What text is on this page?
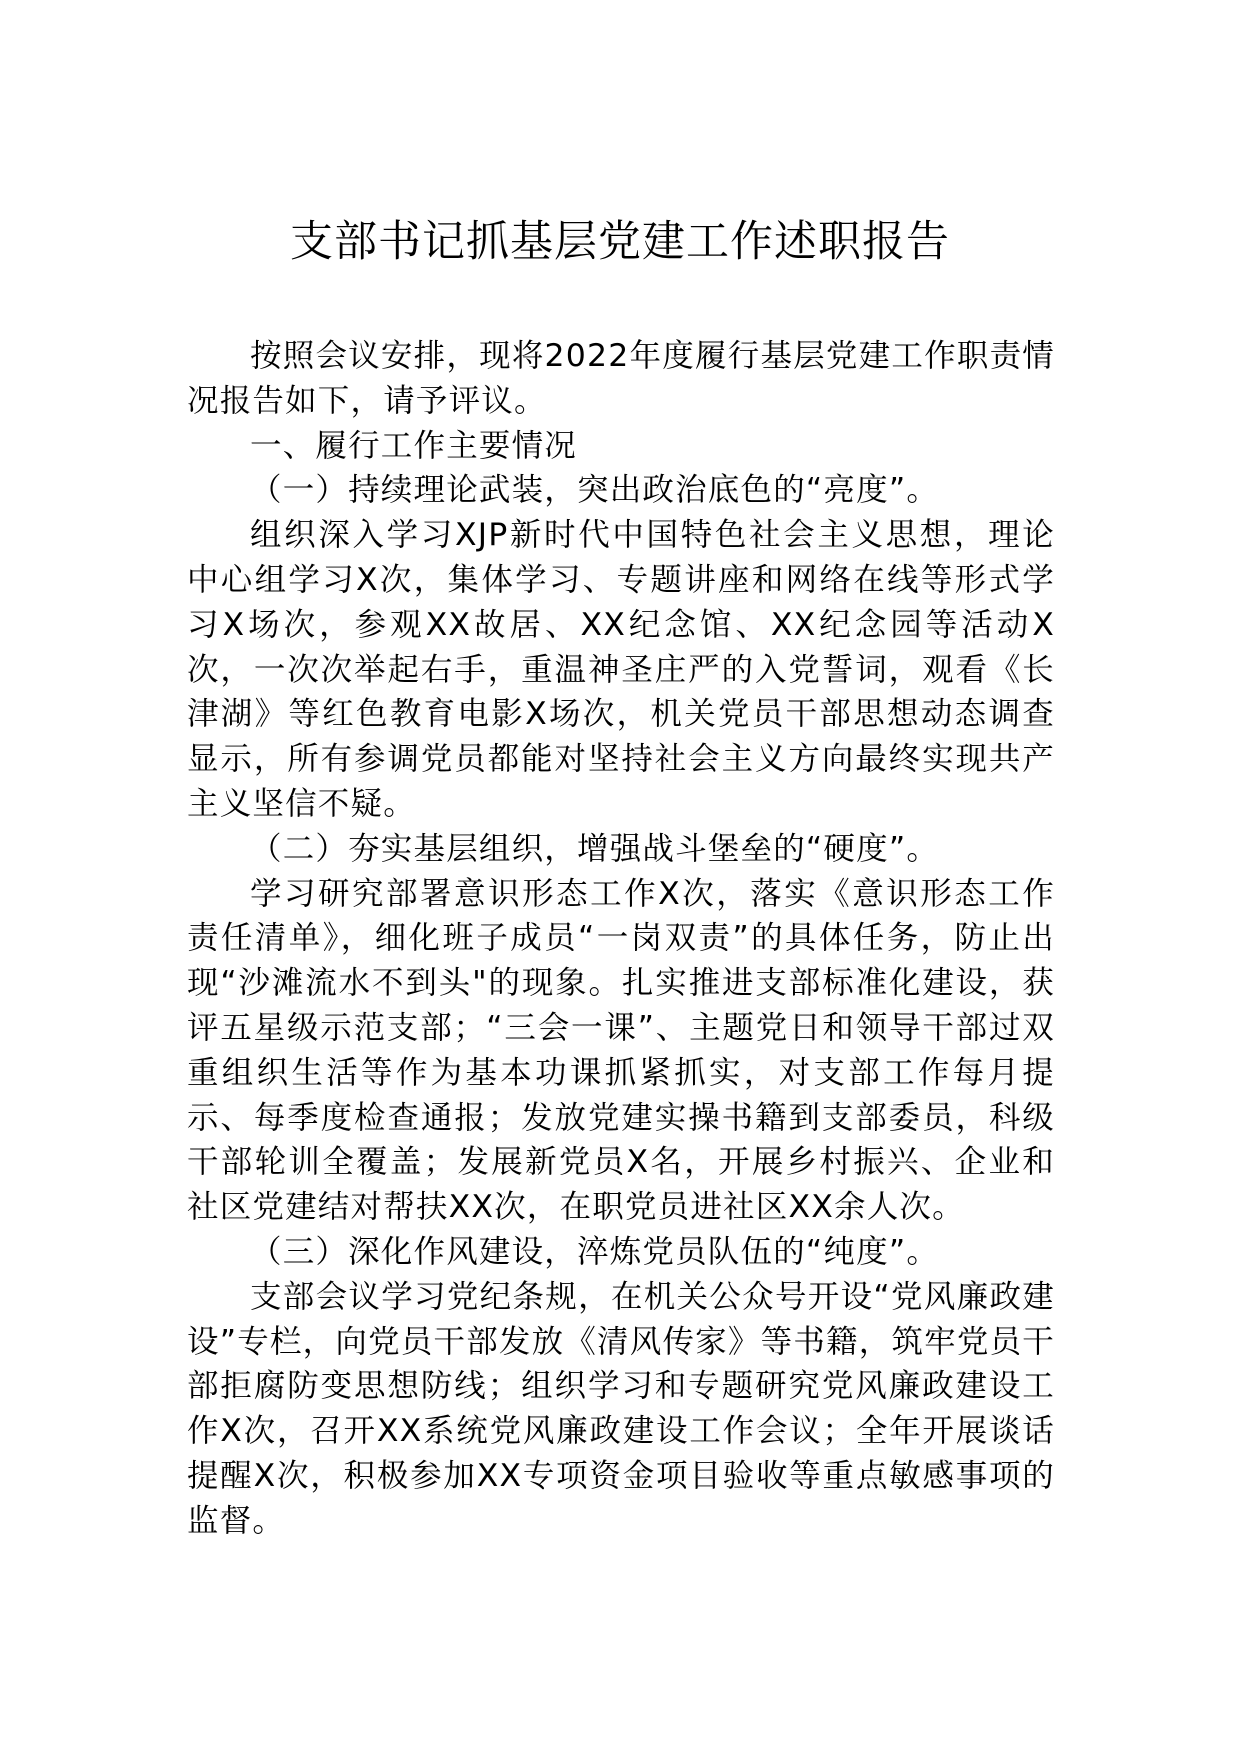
支部书记抓基层党建工作述职报告

按照会议安排，现将2022年度履行基层党建工作职责情况报告如下，请予评议。

一、履行工作主要情况

（一）持续理论武装，突出政治底色的“亮度”。

组织深入学习XJP新时代中国特色社会主义思想，理论中心组学习X次，集体学习、专题讲座和网络在线等形式学习X场次，参观XX故居、XX纪念馆、XX纪念园等活动X次，一次次举起右手，重温神圣庄严的入党誓词，观看《长津湖》等红色教育电影X场次，机关党员干部思想动态调查显示，所有参调党员都能对坚持社会主义方向最终实现共产主义坚信不疑。

（二）夯实基层组织，增强战斗堡垒的“硬度”。

学习研究部署意识形态工作X次，落实《意识形态工作责任清单》，细化班子成员“一岗双责”的具体任务，防止出现“沙滩流水不到头"的现象。扎实推进支部标准化建设，获评五星级示范支部；“三会一课”、主题党日和领导干部过双重组织生活等作为基本功课抓紧抓实，对支部工作每月提示、每季度检查通报；发放党建实操书籍到支部委员，科级干部轮训全覆盖；发展新党员X名，开展乡村振兴、企业和社区党建结对帮扶XX次，在职党员进社区XX余人次。

（三）深化作风建设，淬炼党员队伍的“纯度”。

支部会议学习党纪条规，在机关公众号开设“党风廉政建设”专栏，向党员干部发放《清风传家》等书籍，筑牢党员干部拒腐防变思想防线；组织学习和专题研究党风廉政建设工作X次，召开XX系统党风廉政建设工作会议；全年开展谈话提醒X次，积极参加XX专项资金项目验收等重点敏感事项的监督。
